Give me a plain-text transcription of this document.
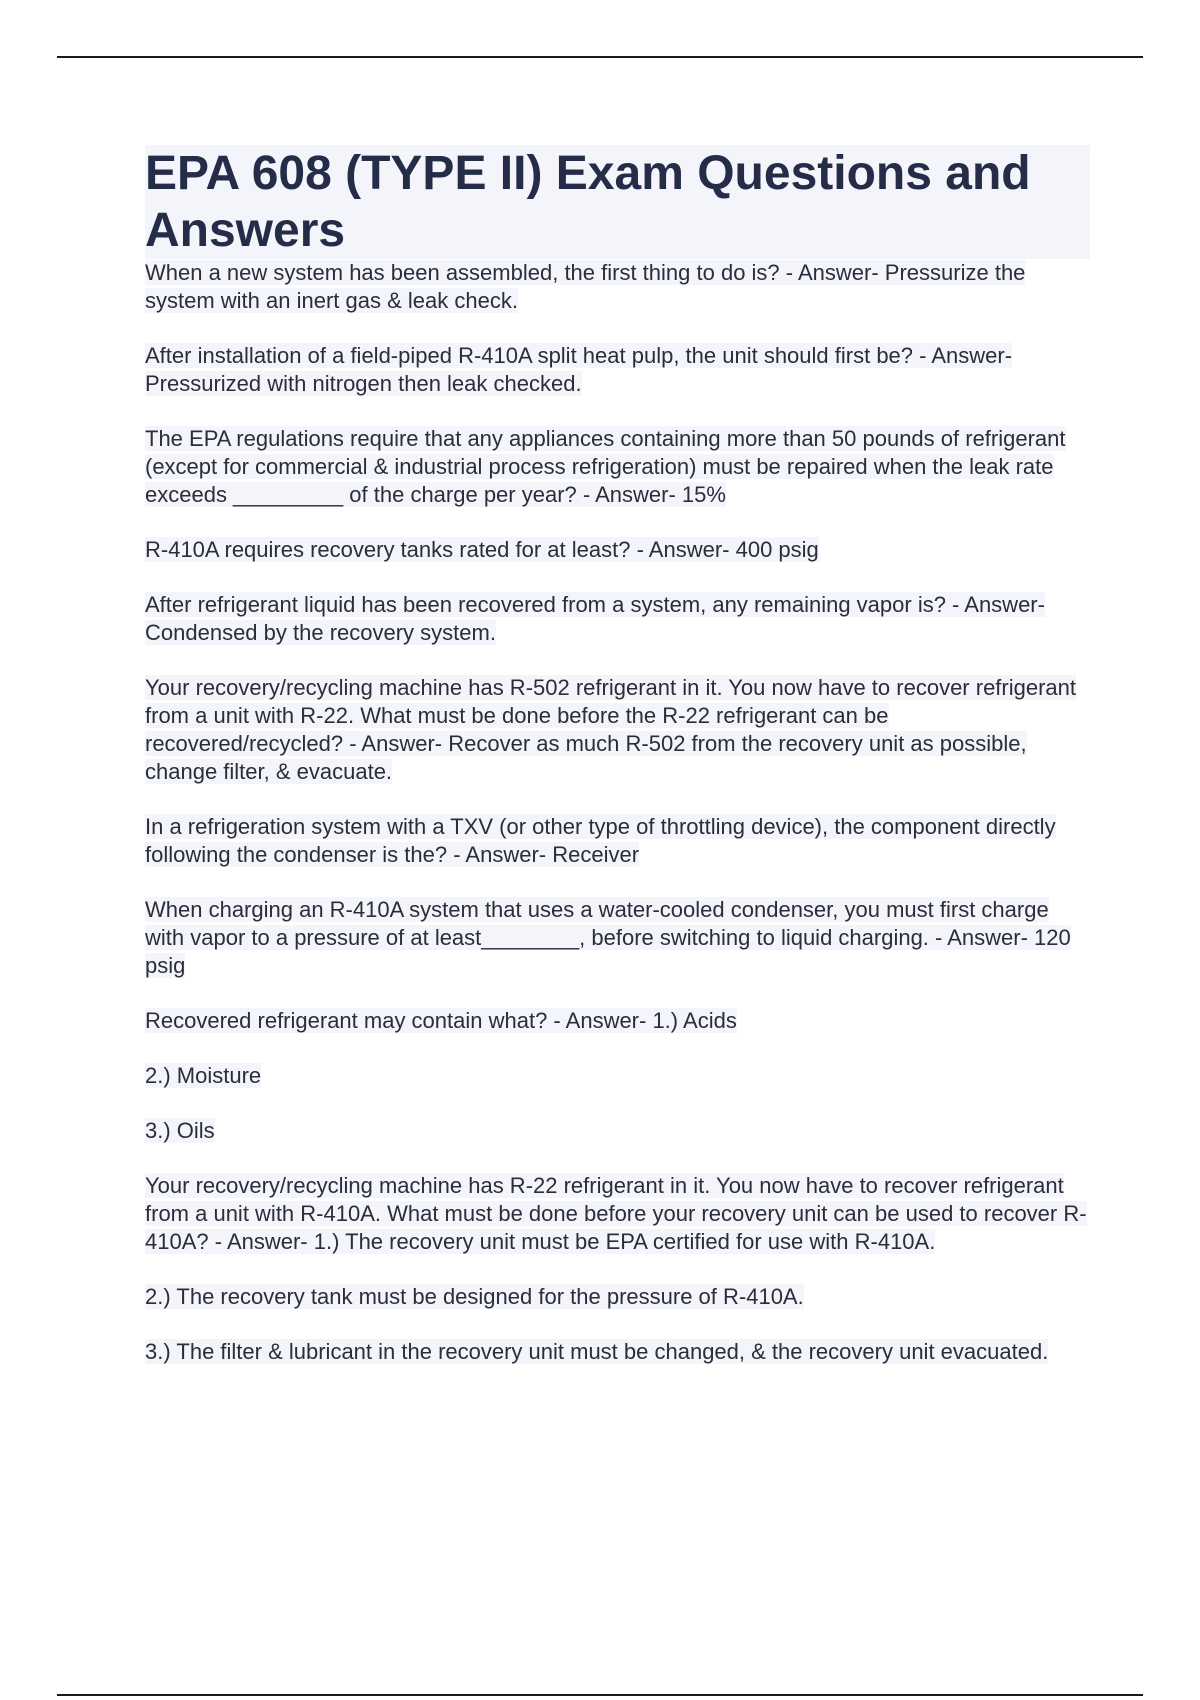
EPA 608 (TYPE II) Exam Questions and Answers

When a new system has been assembled, the first thing to do is? - Answer- Pressurize the system with an inert gas & leak check.

After installation of a field-piped R-410A split heat pulp, the unit should first be? - Answer- Pressurized with nitrogen then leak checked.

The EPA regulations require that any appliances containing more than 50 pounds of refrigerant (except for commercial & industrial process refrigeration) must be repaired when the leak rate exceeds _________ of the charge per year? - Answer- 15%

R-410A requires recovery tanks rated for at least? - Answer- 400 psig

After refrigerant liquid has been recovered from a system, any remaining vapor is? - Answer- Condensed by the recovery system.

Your recovery/recycling machine has R-502 refrigerant in it. You now have to recover refrigerant from a unit with R-22. What must be done before the R-22 refrigerant can be recovered/recycled? - Answer- Recover as much R-502 from the recovery unit as possible, change filter, & evacuate.

In a refrigeration system with a TXV (or other type of throttling device), the component directly following the condenser is the? - Answer- Receiver

When charging an R-410A system that uses a water-cooled condenser, you must first charge with vapor to a pressure of at least________, before switching to liquid charging. - Answer- 120 psig

Recovered refrigerant may contain what? - Answer- 1.) Acids

2.) Moisture

3.) Oils

Your recovery/recycling machine has R-22 refrigerant in it. You now have to recover refrigerant from a unit with R-410A. What must be done before your recovery unit can be used to recover R-410A? - Answer- 1.) The recovery unit must be EPA certified for use with R-410A.

2.) The recovery tank must be designed for the pressure of R-410A.

3.) The filter & lubricant in the recovery unit must be changed, & the recovery unit evacuated.
